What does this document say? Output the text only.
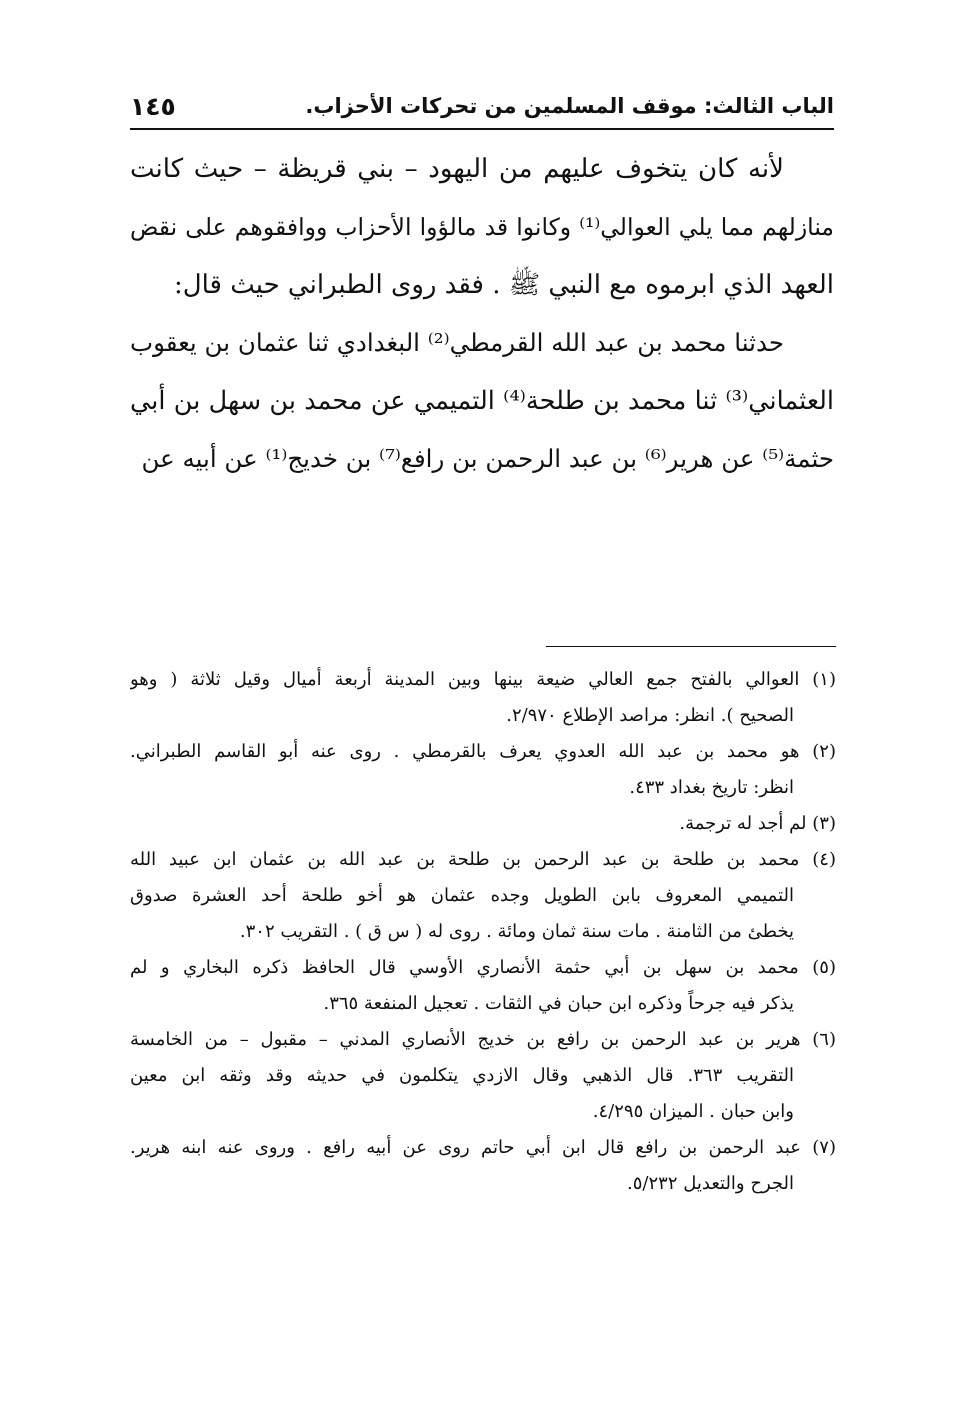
الباب الثالث: موقف المسلمين من تحركات الأحزاب.
١٤٥
لأنه كان يتخوف عليهم من اليهود – بني قريظة – حيث كانت
منازلهم مما يلي العوالي⁽¹⁾ وكانوا قد مالؤوا الأحزاب ووافقوهم على نقض
العهد الذي ابرموه مع النبي ﷺ . فقد روى الطبراني حيث قال:
حدثنا محمد بن عبد الله القرمطي⁽²⁾ البغدادي ثنا عثمان بن يعقوب
العثماني⁽³⁾ ثنا محمد بن طلحة⁽⁴⁾ التميمي عن محمد بن سهل بن أبي
حثمة⁽⁵⁾ عن هرير⁽⁶⁾ بن عبد الرحمن بن رافع⁽⁷⁾ بن خديج⁽¹⁾ عن أبيه عن
(١) العوالي بالفتح جمع العالي ضيعة بينها وبين المدينة أربعة أميال وقيل ثلاثة ( وهو
الصحيح ). انظر: مراصد الإطلاع ٢/٩٧٠.
(٢) هو محمد بن عبد الله العدوي يعرف بالقرمطي . روى عنه أبو القاسم الطبراني.
انظر: تاريخ بغداد ٤٣٣.
(٣) لم أجد له ترجمة.
(٤) محمد بن طلحة بن عبد الرحمن بن طلحة بن عبد الله بن عثمان ابن عبيد الله
التميمي المعروف بابن الطويل وجده عثمان هو أخو طلحة أحد العشرة صدوق
يخطئ من الثامنة . مات سنة ثمان ومائة . روى له ( س ق ) . التقريب ٣٠٢.
(٥) محمد بن سهل بن أبي حثمة الأنصاري الأوسي قال الحافظ ذكره البخاري و لم
يذكر فيه جرحاً وذكره ابن حبان في الثقات . تعجيل المنفعة ٣٦٥.
(٦) هرير بن عبد الرحمن بن رافع بن خديج الأنصاري المدني – مقبول – من الخامسة
التقريب ٣٦٣. قال الذهبي وقال الازدي يتكلمون في حديثه وقد وثقه ابن معين
وابن حبان . الميزان ٤/٢٩٥.
(٧) عبد الرحمن بن رافع قال ابن أبي حاتم روى عن أبيه رافع . وروى عنه ابنه هرير.
الجرح والتعديل ٥/٢٣٢.
